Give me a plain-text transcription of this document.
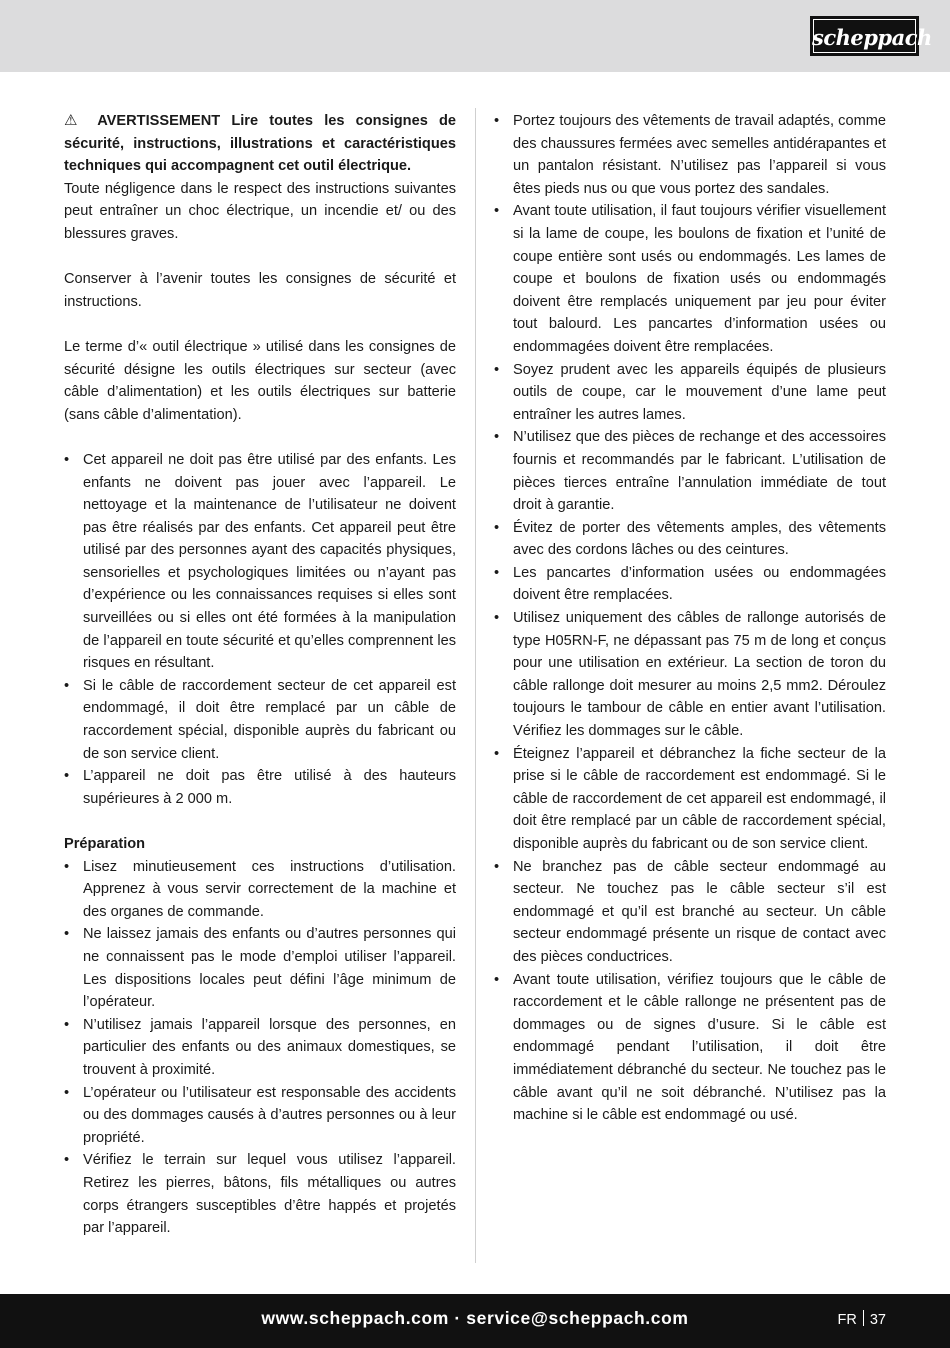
scheppach

⚠ AVERTISSEMENT Lire toutes les consignes de sécurité, instructions, illustrations et caractéristiques techniques qui accompagnent cet outil électrique.

Toute négligence dans le respect des instructions suivantes peut entraîner un choc électrique, un incendie et/ ou des blessures graves.

Conserver à l’avenir toutes les consignes de sécurité et instructions.

Le terme d’« outil électrique » utilisé dans les consignes de sécurité désigne les outils électriques sur secteur (avec câble d’alimentation) et les outils électriques sur batterie (sans câble d’alimentation).

• Cet appareil ne doit pas être utilisé par des enfants. Les enfants ne doivent pas jouer avec l’appareil. Le nettoyage et la maintenance de l’utilisateur ne doivent pas être réalisés par des enfants. Cet appareil peut être utilisé par des personnes ayant des capacités physiques, sensorielles et psychologiques limitées ou n’ayant pas d’expérience ou les connaissances requises si elles sont surveillées ou si elles ont été formées à la manipulation de l’appareil en toute sécurité et qu’elles comprennent les risques en résultant.
• Si le câble de raccordement secteur de cet appareil est endommagé, il doit être remplacé par un câble de raccordement spécial, disponible auprès du fabricant ou de son service client.
• L’appareil ne doit pas être utilisé à des hauteurs supérieures à 2 000 m.

Préparation

• Lisez minutieusement ces instructions d’utilisation. Apprenez à vous servir correctement de la machine et des organes de commande.
• Ne laissez jamais des enfants ou d’autres personnes qui ne connaissent pas le mode d’emploi utiliser l’appareil. Les dispositions locales peut défini l’âge minimum de l’opérateur.
• N’utilisez jamais l’appareil lorsque des personnes, en particulier des enfants ou des animaux domestiques, se trouvent à proximité.
• L’opérateur ou l’utilisateur est responsable des accidents ou des dommages causés à d’autres personnes ou à leur propriété.
• Vérifiez le terrain sur lequel vous utilisez l’appareil. Retirez les pierres, bâtons, fils métalliques ou autres corps étrangers susceptibles d’être happés et projetés par l’appareil.
• Portez toujours des vêtements de travail adaptés, comme des chaussures fermées avec semelles antidérapantes et un pantalon résistant. N’utilisez pas l’appareil si vous êtes pieds nus ou que vous portez des sandales.
• Avant toute utilisation, il faut toujours vérifier visuellement si la lame de coupe, les boulons de fixation et l’unité de coupe entière sont usés ou endommagés. Les lames de coupe et boulons de fixation usés ou endommagés doivent être remplacés uniquement par jeu pour éviter tout balourd. Les pancartes d’information usées ou endommagées doivent être remplacées.
• Soyez prudent avec les appareils équipés de plusieurs outils de coupe, car le mouvement d’une lame peut entraîner les autres lames.
• N’utilisez que des pièces de rechange et des accessoires fournis et recommandés par le fabricant. L’utilisation de pièces tierces entraîne l’annulation immédiate de tout droit à garantie.
• Évitez de porter des vêtements amples, des vêtements avec des cordons lâches ou des ceintures.
• Les pancartes d’information usées ou endommagées doivent être remplacées.
• Utilisez uniquement des câbles de rallonge autorisés de type H05RN-F, ne dépassant pas 75 m de long et conçus pour une utilisation en extérieur. La section de toron du câble rallonge doit mesurer au moins 2,5 mm2. Déroulez toujours le tambour de câble en entier avant l’utilisation. Vérifiez les dommages sur le câble.
• Éteignez l’appareil et débranchez la fiche secteur de la prise si le câble de raccordement est endommagé. Si le câble de raccordement de cet appareil est endommagé, il doit être remplacé par un câble de raccordement spécial, disponible auprès du fabricant ou de son service client.
• Ne branchez pas de câble secteur endommagé au secteur. Ne touchez pas le câble secteur s’il est endommagé et qu’il est branché au secteur. Un câble secteur endommagé présente un risque de contact avec des pièces conductrices.
• Avant toute utilisation, vérifiez toujours que le câble de raccordement et le câble rallonge ne présentent pas de dommages ou de signes d’usure. Si le câble est endommagé pendant l’utilisation, il doit être immédiatement débranché du secteur. Ne touchez pas le câble avant qu’il ne soit débranché. N’utilisez pas la machine si le câble est endommagé ou usé.
www.scheppach.com · service@scheppach.com	FR 37
